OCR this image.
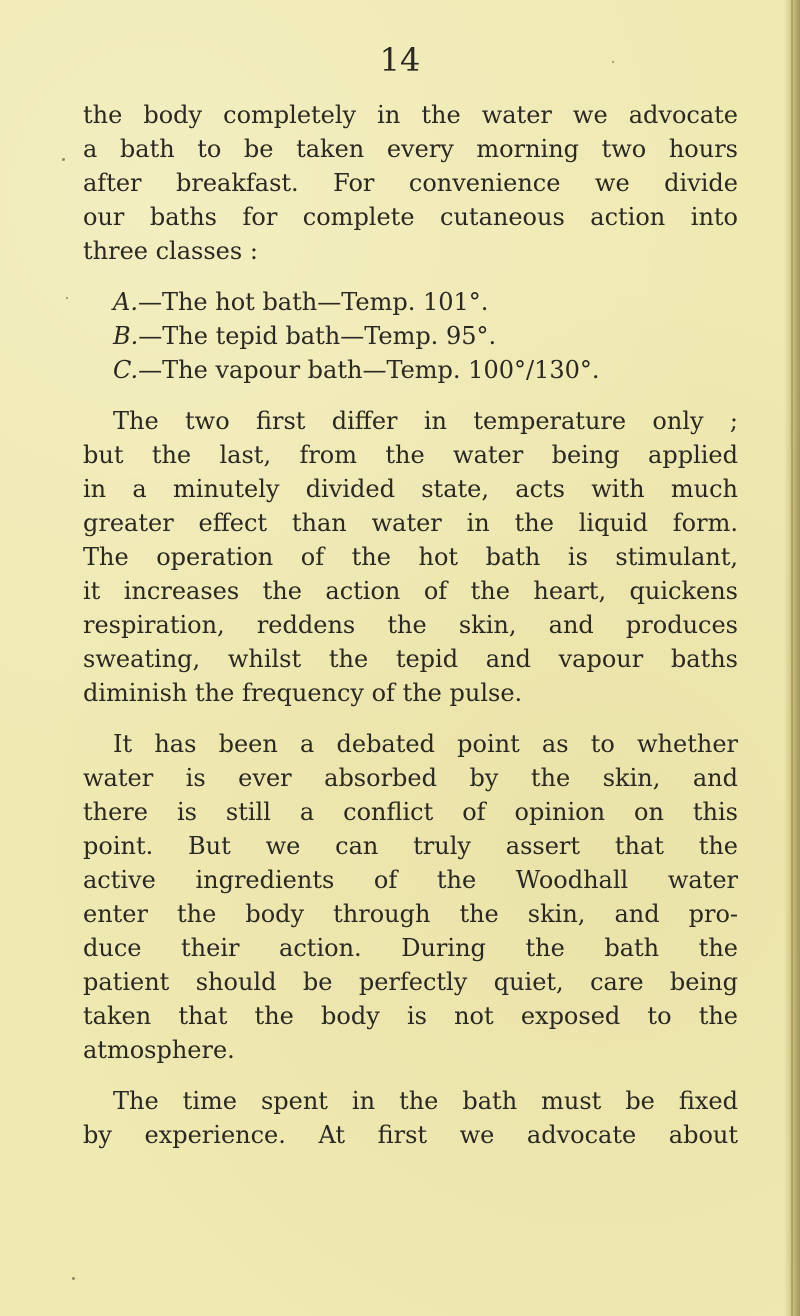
14
the body completely in the water we advocate
a bath to be taken every morning two hours
after breakfast. For convenience we divide
our baths for complete cutaneous action into
three classes :
A.—The hot bath—Temp. 101°.
B.—The tepid bath—Temp. 95°.
C.—The vapour bath—Temp. 100°/130°.
The two first differ in temperature only ;
but the last, from the water being applied
in a minutely divided state, acts with much
greater effect than water in the liquid form.
The operation of the hot bath is stimulant,
it increases the action of the heart, quickens
respiration, reddens the skin, and produces
sweating, whilst the tepid and vapour baths
diminish the frequency of the pulse.
It has been a debated point as to whether
water is ever absorbed by the skin, and
there is still a conflict of opinion on this
point. But we can truly assert that the
active ingredients of the Woodhall water
enter the body through the skin, and pro-
duce their action. During the bath the
patient should be perfectly quiet, care being
taken that the body is not exposed to the
atmosphere.
The time spent in the bath must be fixed
by experience. At first we advocate about
